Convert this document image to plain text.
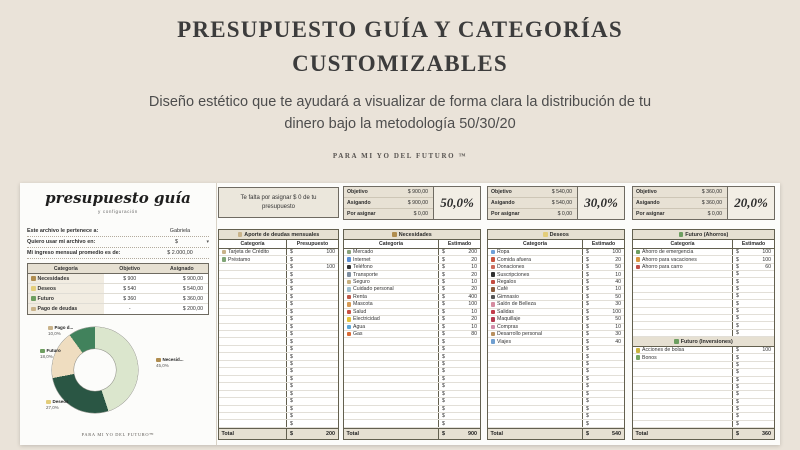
PRESUPUESTO GUÍA Y CATEGORÍAS
CUSTOMIZABLES

Diseño estético que te ayudará a visualizar de forma clara la distribución de tu dinero bajo la metodología 50/30/20

PARA MI YO DEL FUTURO ™
presupuesto guía
y configuración
Este archivo le pertenece a:	Gabriela
Quiero usar mi archivo en:	$	▾
Mi ingreso mensual promedio es de:	$ 2.000,00
Categoría	Objetivo	Asignado
Necesidades	$ 900	$ 900,00
Deseos	$ 540	$ 540,00
Futuro	$ 360	$ 360,00
Pago de deudas	-	$ 200,00
Necesid...
45,0%
Deseos
27,0%
Futuro
18,0%
Pago d...
10,0%
PARA MI YO DEL FUTURO™
Te falta por asignar $ 0 de tu presupuesto
Aporte de deudas mensuales
Categoría	Presupuesto
Tarjeta de Crédito	$	100
Préstamo	$
$	100
$
$
$
$
$
$
$
$
$
$
$
$
$
$
$
$
$
$
$
$
$
Total	$	200
Objetivo	$ 900,00
Asigando	$ 900,00
Por asignar	$ 0,00
50,0%
Necesidades
Categoría	Estimado
Mercado	$	200
Internet	$	20
Teléfono	$	10
Transporte	$	20
Seguro	$	10
Cuidado personal	$	20
Renta	$	400
Mascota	$	100
Salud	$	10
Electricidad	$	20
Agua	$	10
Gas	$	80
$
$
$
$
$
$
$
$
$
$
$
$
Total	$	900
Objetivo	$ 540,00
Asigando	$ 540,00
Por asignar	$ 0,00
30,0%
Deseos
Categoría	Estimado
Ropa	$	100
Comida afuera	$	20
Donaciones	$	50
Suscripciones	$	10
Regalos	$	40
Café	$	10
Gimnasio	$	50
Salón de Belleza	$	30
Salidas	$	100
Maquillaje	$	50
Compras	$	10
Desarrollo personal	$	30
Viajes	$	40
$
$
$
$
$
$
$
$
$
$
$
Total	$	540
Objetivo	$ 360,00
Asigando	$ 360,00
Por asignar	$ 0,00
20,0%
Futuro (Ahorros)
Categoría	Estimado
Ahorro de emergencia	$	100
Ahorro para vacaciones	$	100
Ahorro para carro	$	60
$
$
$
$
$
$
$
$
$
Futuro (Inversiones)
Acciones de bolsa	$	100
Bonos	$
$
$
$
$
$
$
$
$
$
Total	$	360
